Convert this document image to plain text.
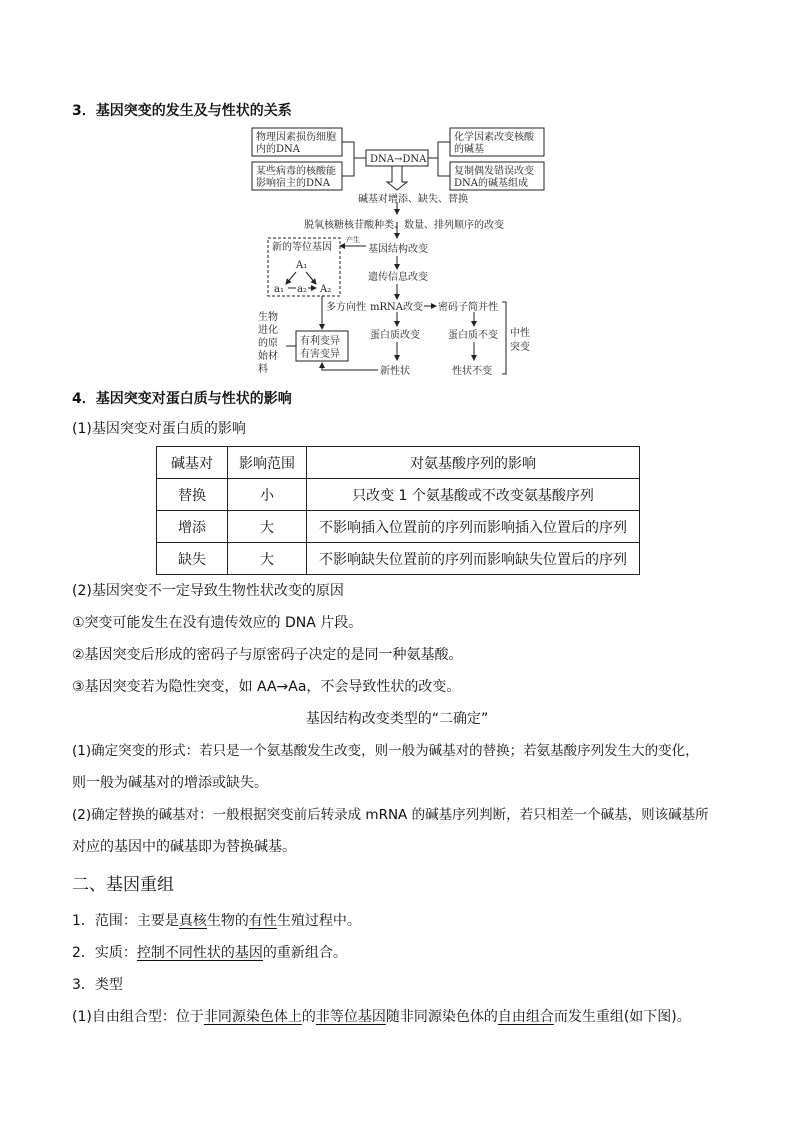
3．基因突变的发生及与性状的关系
物理因素损伤细胞
内的DNA
某些病毒的核酸能
影响宿主的DNA
化学因素改变核酸
的碱基
复制偶发错误改变
DNA的碱基组成
DNA→DNA
碱基对增添、缺失、替换
脱氧核糖核苷酸种类、数量、排列顺序的改变
产生
基因结构改变
新的等位基因
A₁
a₁ a₂ A₂
遗传信息改变
多方向性 mRNA改变 密码子简并性
蛋白质改变	蛋白质不变 中性
突变
有利变异
有害变异
生物
进化
的原
始材
料	新性状	性状不变
4．基因突变对蛋白质与性状的影响
(1)基因突变对蛋白质的影响
碱基对	影响范围	对氨基酸序列的影响
替换	小	只改变 1 个氨基酸或不改变氨基酸序列
增添	大	不影响插入位置前的序列而影响插入位置后的序列
缺失	大	不影响缺失位置前的序列而影响缺失位置后的序列
(2)基因突变不一定导致生物性状改变的原因
①突变可能发生在没有遗传效应的 DNA 片段。
②基因突变后形成的密码子与原密码子决定的是同一种氨基酸。
③基因突变若为隐性突变，如 AA→Aa，不会导致性状的改变。
基因结构改变类型的“二确定”
(1)确定突变的形式：若只是一个氨基酸发生改变，则一般为碱基对的替换；若氨基酸序列发生大的变化，
则一般为碱基对的增添或缺失。
(2)确定替换的碱基对：一般根据突变前后转录成 mRNA 的碱基序列判断，若只相差一个碱基，则该碱基所
对应的基因中的碱基即为替换碱基。
二、基因重组
1．范围：主要是真核生物的有性生殖过程中。
2．实质：控制不同性状的基因的重新组合。
3．类型
(1)自由组合型：位于非同源染色体上的非等位基因随非同源染色体的自由组合而发生重组(如下图)。
